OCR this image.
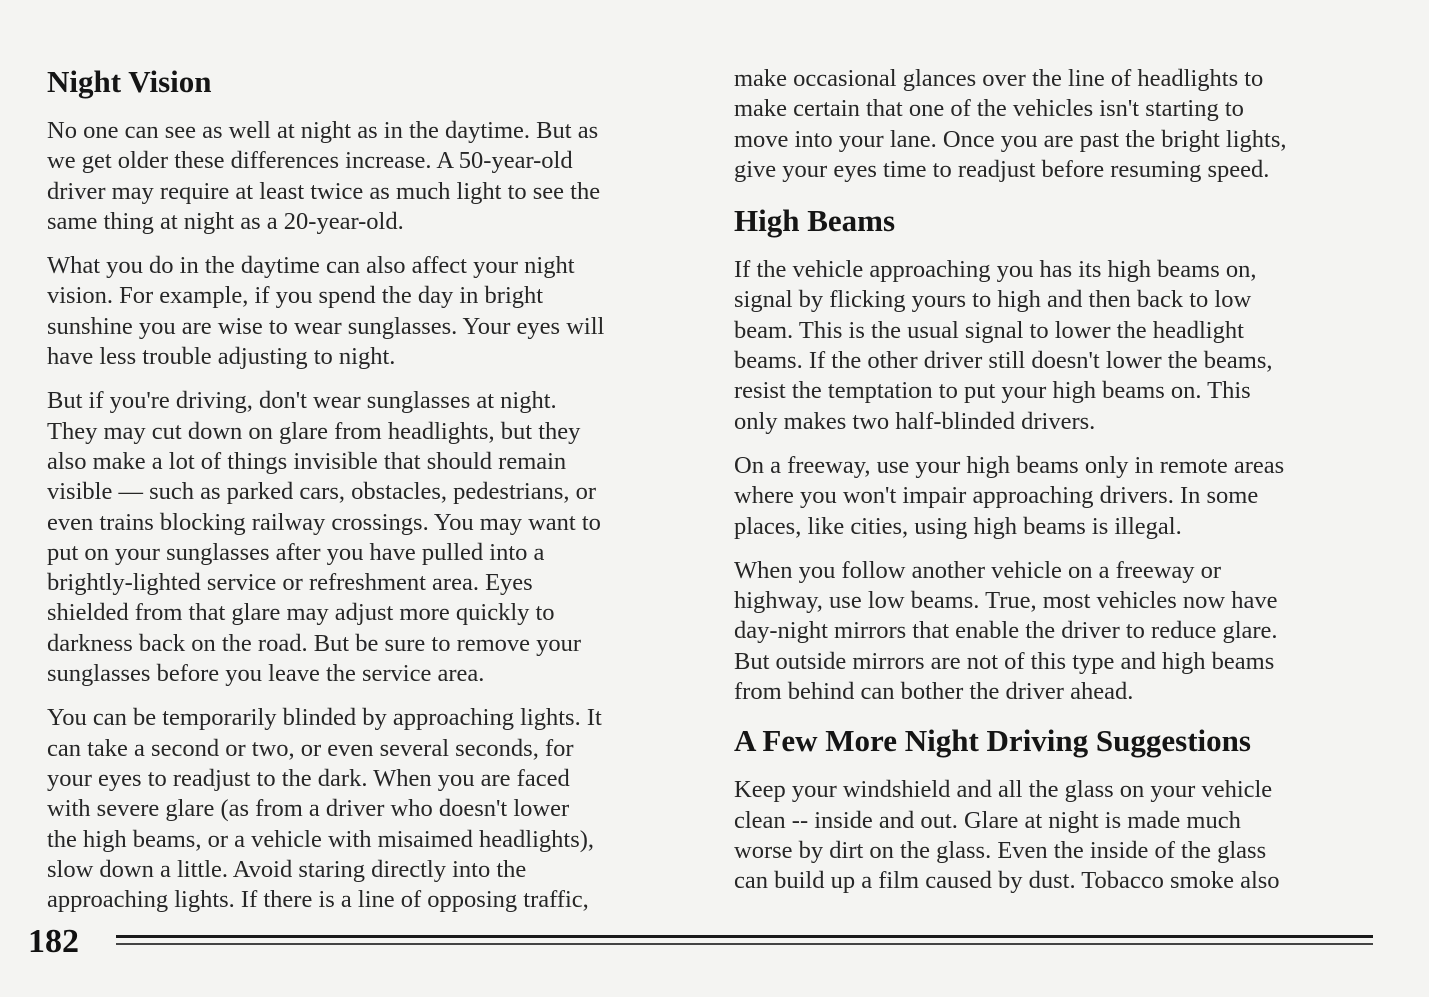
Night Vision

No one can see as well at night as in the daytime. But as
we get older these differences increase. A 50-year-old
driver may require at least twice as much light to see the
same thing at night as a 20-year-old.

What you do in the daytime can also affect your night
vision. For example, if you spend the day in bright
sunshine you are wise to wear sunglasses. Your eyes will
have less trouble adjusting to night.

But if you're driving, don't wear sunglasses at night.
They may cut down on glare from headlights, but they
also make a lot of things invisible that should remain
visible — such as parked cars, obstacles, pedestrians, or
even trains blocking railway crossings. You may want to
put on your sunglasses after you have pulled into a
brightly-lighted service or refreshment area. Eyes
shielded from that glare may adjust more quickly to
darkness back on the road. But be sure to remove your
sunglasses before you leave the service area.

You can be temporarily blinded by approaching lights. It
can take a second or two, or even several seconds, for
your eyes to readjust to the dark. When you are faced
with severe glare (as from a driver who doesn't lower
the high beams, or a vehicle with misaimed headlights),
slow down a little. Avoid staring directly into the
approaching lights. If there is a line of opposing traffic,

make occasional glances over the line of headlights to
make certain that one of the vehicles isn't starting to
move into your lane. Once you are past the bright lights,
give your eyes time to readjust before resuming speed.

High Beams

If the vehicle approaching you has its high beams on,
signal by flicking yours to high and then back to low
beam. This is the usual signal to lower the headlight
beams. If the other driver still doesn't lower the beams,
resist the temptation to put your high beams on. This
only makes two half-blinded drivers.

On a freeway, use your high beams only in remote areas
where you won't impair approaching drivers. In some
places, like cities, using high beams is illegal.

When you follow another vehicle on a freeway or
highway, use low beams. True, most vehicles now have
day-night mirrors that enable the driver to reduce glare.
But outside mirrors are not of this type and high beams
from behind can bother the driver ahead.

A Few More Night Driving Suggestions

Keep your windshield and all the glass on your vehicle
clean -- inside and out. Glare at night is made much
worse by dirt on the glass. Even the inside of the glass
can build up a film caused by dust. Tobacco smoke also

182
